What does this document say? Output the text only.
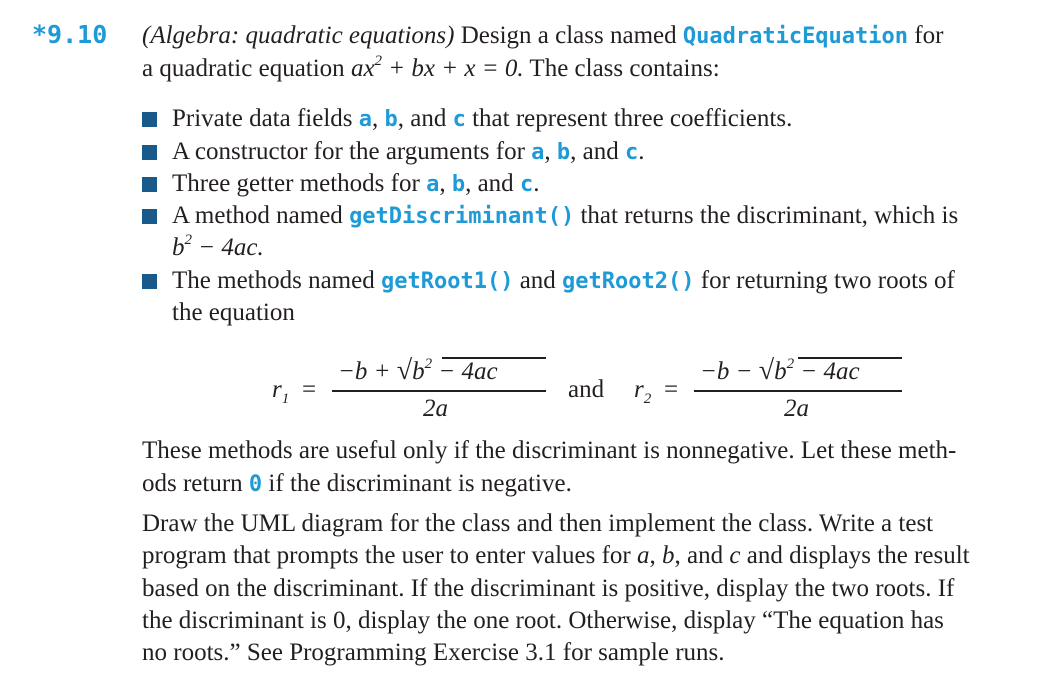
*9.10 (Algebra: quadratic equations) Design a class named QuadraticEquation for
a quadratic equation $ax^2$ + bx + x = 0. The class contains:
Private data fields a, b, and c that represent three coefficients.
A constructor for the arguments for a, b, and c.
Three getter methods for a, b, and c.
A method named getDiscriminant() that returns the discriminant, which is
$b^2 - 4ac$.
The methods named getRoot1() and getRoot2() for returning two roots of
the equation
$r_1$ =
$-b + √b^2 - 4ac$
2a
and $r_2$ =
$-b - √b^2 - 4ac$
2a
These methods are useful only if the discriminant is nonnegative. Let these meth-
ods return 0 if the discriminant is negative.
Draw the UML diagram for the class and then implement the class. Write a test
program that prompts the user to enter values for a, b, and c and displays the result
based on the discriminant. If the discriminant is positive, display the two roots. If
the discriminant is 0, display the one root. Otherwise, display “The equation has
no roots.” See Programming Exercise 3.1 for sample runs.
